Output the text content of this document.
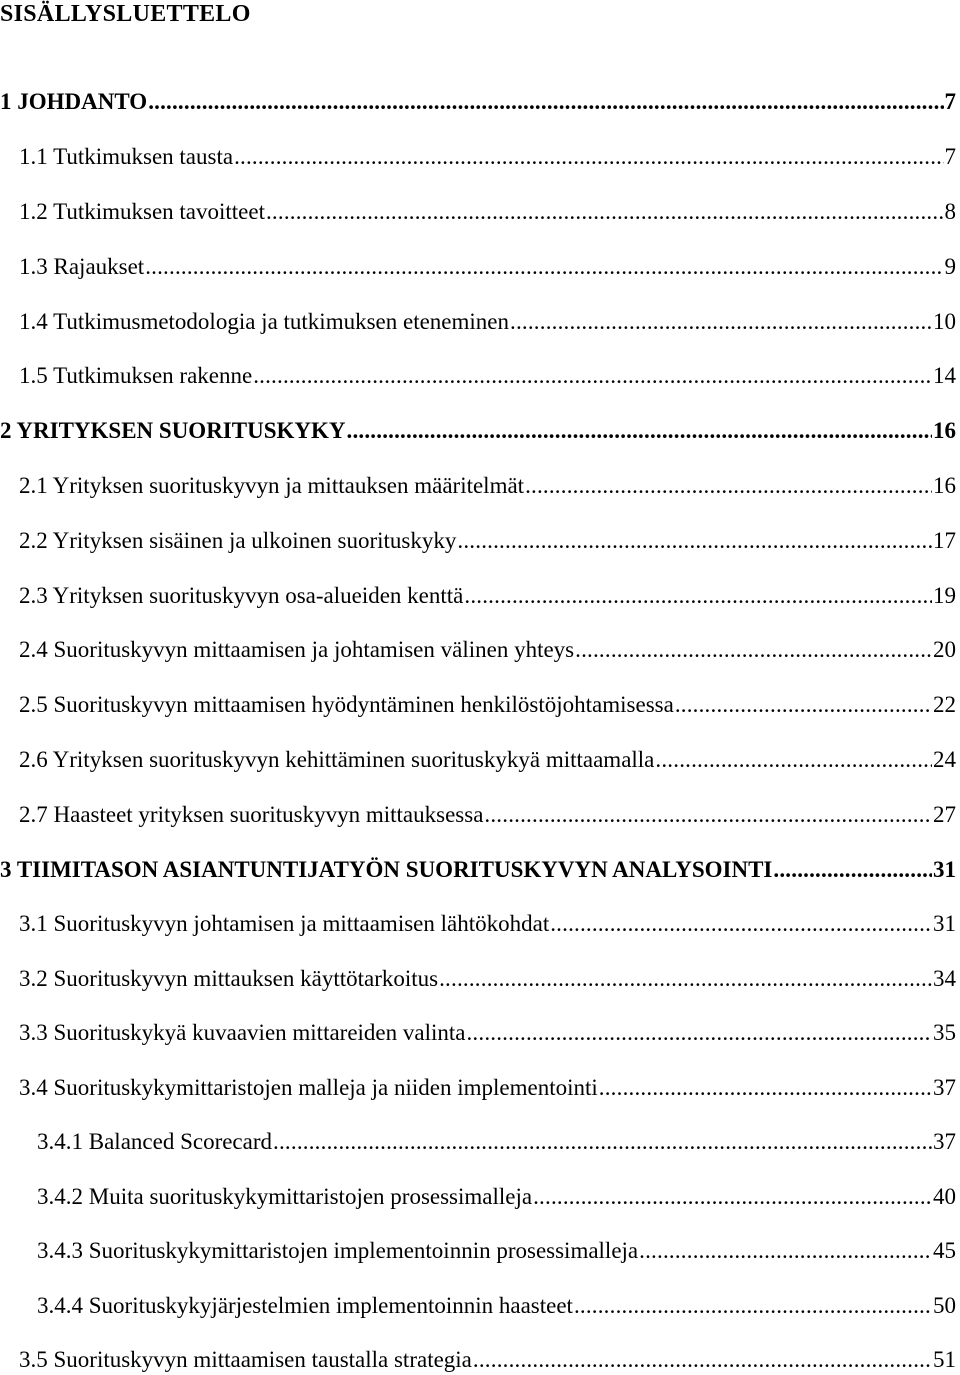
SISÄLLYSLUETTELO
1 JOHDANTO .....	7
1.1 Tutkimuksen tausta .....	7
1.2 Tutkimuksen tavoitteet .....	8
1.3 Rajaukset .....	9
1.4 Tutkimusmetodologia ja tutkimuksen eteneminen .....	10
1.5 Tutkimuksen rakenne .....	14
2 YRITYKSEN SUORITUSKYKY .....	16
2.1 Yrityksen suorituskyvyn ja mittauksen määritelmät .....	16
2.2 Yrityksen sisäinen ja ulkoinen suorituskyky .....	17
2.3 Yrityksen suorituskyvyn osa-alueiden kenttä .....	19
2.4 Suorituskyvyn mittaamisen ja johtamisen välinen yhteys .....	20
2.5 Suorituskyvyn mittaamisen hyödyntäminen henkilöstöjohtamisessa .....	22
2.6 Yrityksen suorituskyvyn kehittäminen suorituskykyä mittaamalla .....	24
2.7 Haasteet yrityksen suorituskyvyn mittauksessa .....	27
3 TIIMITASON ASIANTUNTIJATYÖN SUORITUSKYVYN ANALYSOINTI .....	31
3.1 Suorituskyvyn johtamisen ja mittaamisen lähtökohdat .....	31
3.2 Suorituskyvyn mittauksen käyttötarkoitus .....	34
3.3 Suorituskykyä kuvaavien mittareiden valinta .....	35
3.4 Suorituskykymittaristojen malleja ja niiden implementointi .....	37
3.4.1 Balanced Scorecard .....	37
3.4.2 Muita suorituskykymittaristojen prosessimalleja .....	40
3.4.3 Suorituskykymittaristojen implementoinnin prosessimalleja .....	45
3.4.4 Suorituskykyjärjestelmien implementoinnin haasteet .....	50
3.5 Suorituskyvyn mittaamisen taustalla strategia .....	51
